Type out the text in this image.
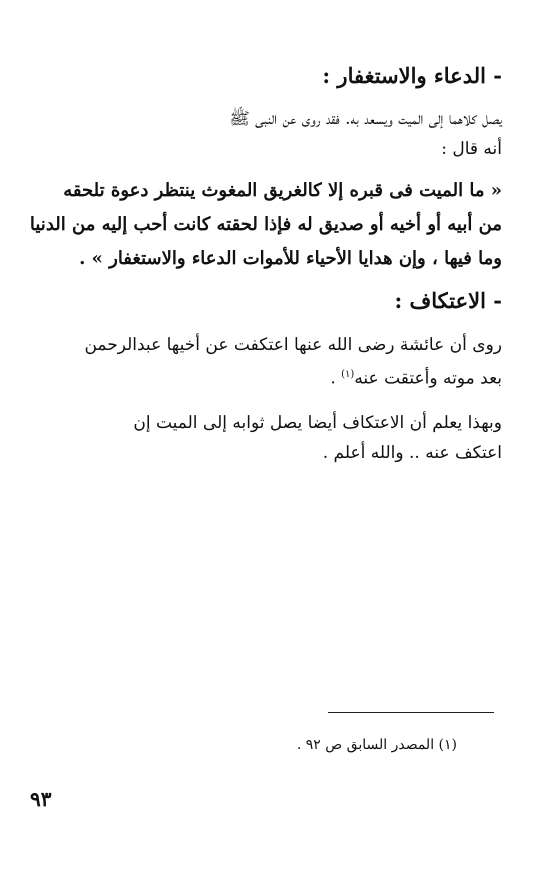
- الدعاء والاستغفار :
يصل كلاهما إلى الميت ويسعد به. فقد روى عن النبى ﷺ
أنه قال :
« ما الميت فى قبره إلا كالغريق المغوث ينتظر دعوة تلحقه
من أبيه أو أخيه أو صديق له فإذا لحقته كانت أحب إليه من الدنيا
وما فيها ، وإن هدايا الأحياء للأموات الدعاء والاستغفار » .
- الاعتكاف :
روى أن عائشة رضى الله عنها اعتكفت عن أخيها عبدالرحمن
بعد موته وأعتقت عنه$^{(١)}$ .
وبهذا يعلم أن الاعتكاف أيضا يصل ثوابه إلى الميت إن
اعتكف عنه .. والله أعلم .
(١) المصدر السابق ص ٩٢ .
٩٣
